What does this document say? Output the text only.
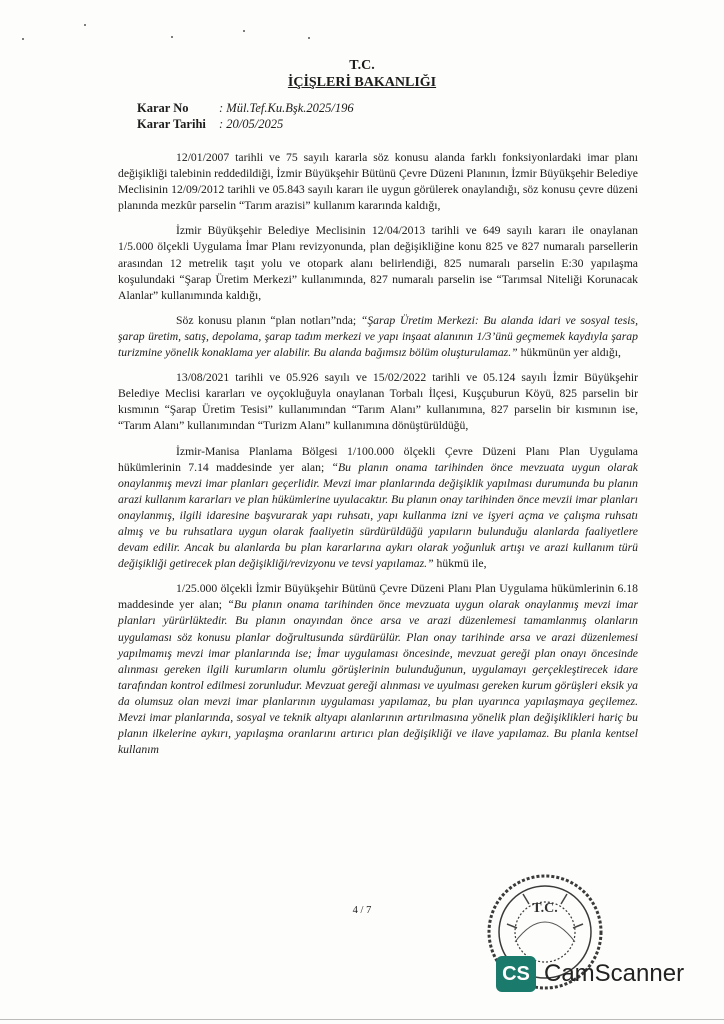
T.C.
İÇİŞLERİ BAKANLIĞI
Karar No	: Mül.Tef.Ku.Bşk.2025/196
Karar Tarihi	: 20/05/2025

12/01/2007 tarihli ve 75 sayılı kararla söz konusu alanda farklı fonksiyonlardaki imar planı değişikliği talebinin reddedildiği, İzmir Büyükşehir Bütünü Çevre Düzeni Planının, İzmir Büyükşehir Belediye Meclisinin 12/09/2012 tarihli ve 05.843 sayılı kararı ile uygun görülerek onaylandığı, söz konusu çevre düzeni planında mezkûr parselin “Tarım arazisi” kullanım kararında kaldığı,

İzmir Büyükşehir Belediye Meclisinin 12/04/2013 tarihli ve 649 sayılı kararı ile onaylanan 1/5.000 ölçekli Uygulama İmar Planı revizyonunda, plan değişikliğine konu 825 ve 827 numaralı parsellerin arasından 12 metrelik taşıt yolu ve otopark alanı belirlendiği, 825 numaralı parselin E:30 yapılaşma koşulundaki “Şarap Üretim Merkezi” kullanımında, 827 numaralı parselin ise “Tarımsal Niteliği Korunacak Alanlar” kullanımında kaldığı,

Söz konusu planın “plan notları”nda; “Şarap Üretim Merkezi: Bu alanda idari ve sosyal tesis, şarap üretim, satış, depolama, şarap tadım merkezi ve yapı inşaat alanının 1/3’ünü geçmemek kaydıyla şarap turizmine yönelik konaklama yer alabilir. Bu alanda bağımsız bölüm oluşturulamaz.” hükmünün yer aldığı,

13/08/2021 tarihli ve 05.926 sayılı ve 15/02/2022 tarihli ve 05.124 sayılı İzmir Büyükşehir Belediye Meclisi kararları ve oyçokluğuyla onaylanan Torbalı İlçesi, Kuşçuburun Köyü, 825 parselin bir kısmının “Şarap Üretim Tesisi” kullanımından “Tarım Alanı” kullanımına, 827 parselin bir kısmının ise, “Tarım Alanı” kullanımından “Turizm Alanı” kullanımına dönüştürüldüğü,

İzmir-Manisa Planlama Bölgesi 1/100.000 ölçekli Çevre Düzeni Planı Plan Uygulama hükümlerinin 7.14 maddesinde yer alan; “Bu planın onama tarihinden önce mevzuata uygun olarak onaylanmış mevzi imar planları geçerlidir. Mevzi imar planlarında değişiklik yapılması durumunda bu planın arazi kullanım kararları ve plan hükümlerine uyulacaktır. Bu planın onay tarihinden önce mevzii imar planları onaylanmış, ilgili idaresine başvurarak yapı ruhsatı, yapı kullanma izni ve işyeri açma ve çalışma ruhsatı almış ve bu ruhsatlara uygun olarak faaliyetin sürdürüldüğü yapıların bulunduğu alanlarda faaliyetlere devam edilir. Ancak bu alanlarda bu plan kararlarına aykırı olarak yoğunluk artışı ve arazi kullanım türü değişikliği getirecek plan değişikliği/revizyonu ve tevsi yapılamaz.” hükmü ile,

1/25.000 ölçekli İzmir Büyükşehir Bütünü Çevre Düzeni Planı Plan Uygulama hükümlerinin 6.18 maddesinde yer alan; “Bu planın onama tarihinden önce mevzuata uygun olarak onaylanmış mevzi imar planları yürürlüktedir. Bu planın onayından önce arsa ve arazi düzenlemesi tamamlanmış olanların uygulaması söz konusu planlar doğrultusunda sürdürülür. Plan onay tarihinde arsa ve arazi düzenlemesi yapılmamış mevzi imar planlarında ise; İmar uygulaması öncesinde, mevzuat gereği plan onayı öncesinde alınması gereken ilgili kurumların olumlu görüşlerinin bulunduğunun, uygulamayı gerçekleştirecek idare tarafından kontrol edilmesi zorunludur. Mevzuat gereği alınması ve uyulması gereken kurum görüşleri eksik ya da olumsuz olan mevzi imar planlarının uygulaması yapılamaz, bu plan uyarınca yapılaşmaya geçilemez. Mevzi imar planlarında, sosyal ve teknik altyapı alanlarının artırılmasına yönelik plan değişiklikleri hariç bu planın ilkelerine aykırı, yapılaşma oranlarını artırıcı plan değişikliği ve ilave yapılamaz. Bu planla kentsel kullanım

4 / 7	T.C.
CS CamScanner
